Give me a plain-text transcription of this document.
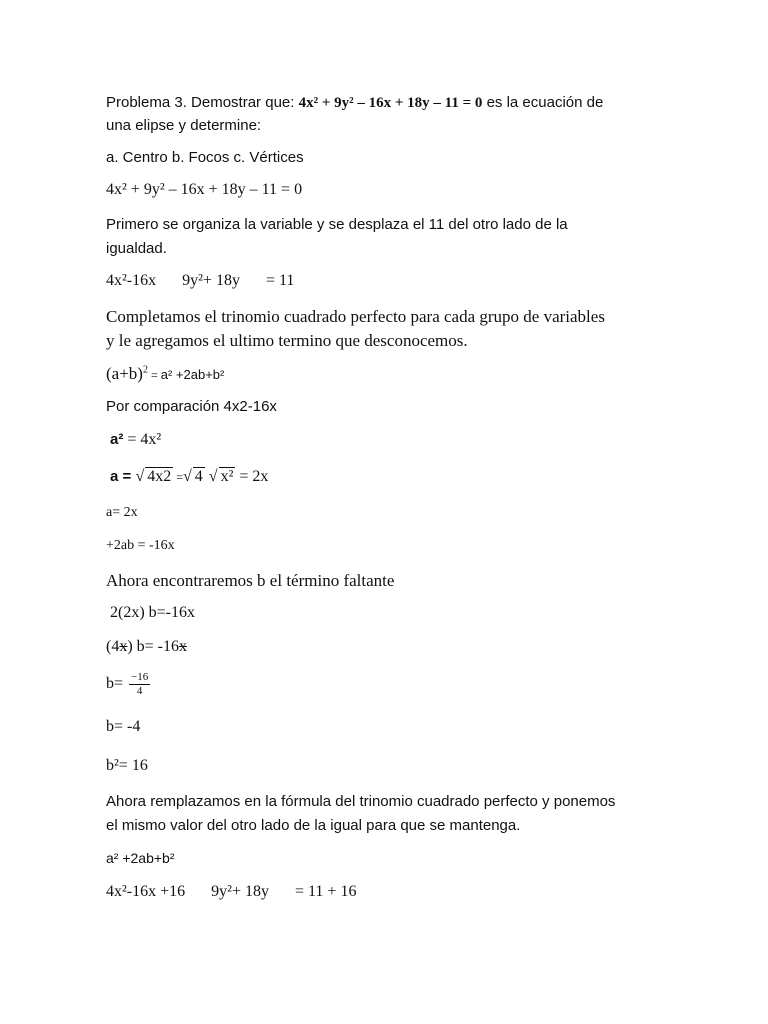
Problema 3. Demostrar que: 4x² + 9y² – 16x + 18y – 11 = 0 es la ecuación de
una elipse y determine:
a. Centro b. Focos c. Vértices
4x² + 9y² – 16x + 18y – 11 = 0
Primero se organiza la variable y se desplaza el 11 del otro lado de la
igualdad.
4x²-16x 9y²+ 18y = 11
Completamos el trinomio cuadrado perfecto para cada grupo de variables
y le agregamos el ultimo termino que desconocemos.
$(a+b)^2 = a^2 +2ab+b^2$
Por comparación 4x2-16x
a² = 4x²
a = √ 4x2 =√ 4 √ x² = 2x
a= 2x
+2ab = -16x
Ahora encontraremos b el término faltante
2(2x) b=-16x
(4x) b= -16x
$b= \frac{-16}{4}$
b= -4
b²= 16
Ahora remplazamos en la fórmula del trinomio cuadrado perfecto y ponemos
el mismo valor del otro lado de la igual para que se mantenga.
a² +2ab+b²
4x²-16x +16 9y²+ 18y = 11 + 16
